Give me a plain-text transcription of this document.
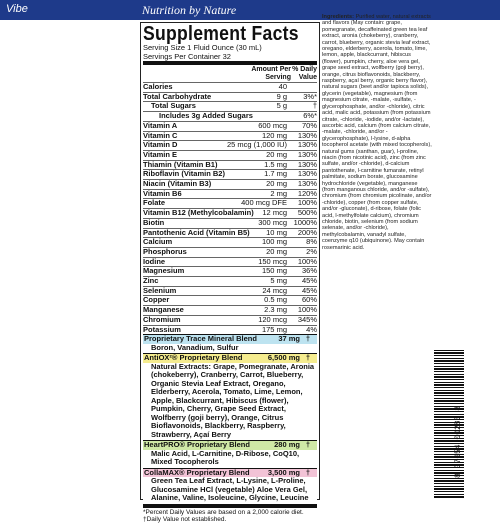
Vibe	Nutrition by Nature
Supplement Facts
Serving Size 1 Fluid Ounce (30 mL)
Servings Per Container 32
Amount Per Serving
% Daily Value
Calories	40
Total Carbohydrate	9 g	3%*
Total Sugars	5 g	†
Includes 3g Added Sugars	6%*
Vitamin A	600 mcg	70%
Vitamin C	120 mg	130%
Vitamin D	25 mcg (1,000 IU)	130%
Vitamin E	20 mg	130%
Thiamin (Vitamin B1)	1.5 mg	130%
Riboflavin (Vitamin B2)	1.7 mg	130%
Niacin (Vitamin B3)	20 mg	130%
Vitamin B6	2 mg	120%
Folate	400 mcg DFE	100%
Vitamin B12 (Methylcobalamin)	12 mcg	500%
Biotin	300 mcg 1000%
Pantothenic Acid (Vitamin B5)	10 mg	200%
Calcium	100 mg	8%
Phosphorus	20 mg	2%
Iodine	150 mcg	100%
Magnesium	150 mg	36%
Zinc	5 mg	45%
Selenium	24 mcg	45%
Copper	0.5 mg	60%
Manganese	2.3 mg	100%
Chromium	120 mcg	345%
Potassium	175 mg	4%
Proprietary Trace Mineral Blend	37 mg †
Boron, Vanadium, Sulfur
AntiOX²® Proprietary Blend	6,500 mg †
Natural Extracts: Grape, Pomegranate, Aronia (chokeberry), Cranberry, Carrot, Blueberry, Organic Stevia Leaf Extract, Oregano, Elderberry, Acerola, Tomato, Lime, Lemon, Apple, Blackcurrant, Hibiscus (flower), Pumpkin, Cherry, Grape Seed Extract, Wolfberry (goji berry), Orange, Citrus Bioflavonoids, Blackberry, Raspberry, Strawberry, Açaí Berry
HeartPRO® Proprietary Blend	280 mg †
Malic Acid, L-Carnitine, D-Ribose, CoQ10, Mixed Tocopherols
CollaMAX® Proprietary Blend 3,500 mg †
Green Tea Leaf Extract, L-Lysine, L-Proline, Glucosamine HCl (vegetable) Aloe Vera Gel, Alanine, Valine, Isoleucine, Glycine, Leucine
*Percent Daily Values are based on a 2,000 calorie diet.
†Daily Value not established.
Ingredients: Purified water, natural extracts and flavors (May contain: grape, pomegranate, decaffeinated green tea leaf extract, aronia (chokeberry), cranberry, carrot, blueberry, organic stevia leaf extract, oregano, elderberry, acerola, tomato, lime, lemon, apple, blackcurrant, hibiscus (flower), pumpkin, cherry, aloe vera gel, grape seed extract, wolfberry (goji berry), orange, citrus bioflavonoids, blackberry, raspberry, açaí berry, organic berry flavor), natural sugars (beet and/or tapioca solids), glycerin (vegetable), magnesium (from magnesium citrate, -malate, -sulfate, -glycerophosphate, and/or -chloride), citric acid, malic acid, potassium (from potassium citrate, -chloride, -iodide, and/or -lactate), ascorbic acid, calcium (from calcium citrate, -malate, -chloride, and/or -glycerophosphate), l-lysine, d-alpha tocopherol acetate (with mixed tocopherols), natural gums (xanthan, guar), l-proline, niacin (from nicotinic acid), zinc (from zinc sulfate, and/or -chloride), d-calcium pantothenate, l-carnitine fumarate, retinyl palmitate, sodium borate, glucosamine hydrochloride (vegetable), manganese (from manganous chloride, and/or -sulfate), chromium (from chromium picolinate, and/or -chloride), copper (from copper sulfate, and/or -gluconate), d-ribose, folate (folic acid, l-methylfolate calcium), chromium chloride, biotin, selenium (from sodium selenate, and/or -chloride), methylcobalamin, vanadyl sulfate, coenzyme q10 (ubiquinone). May contain rosemarinic acid.
8 37654 00285 8
